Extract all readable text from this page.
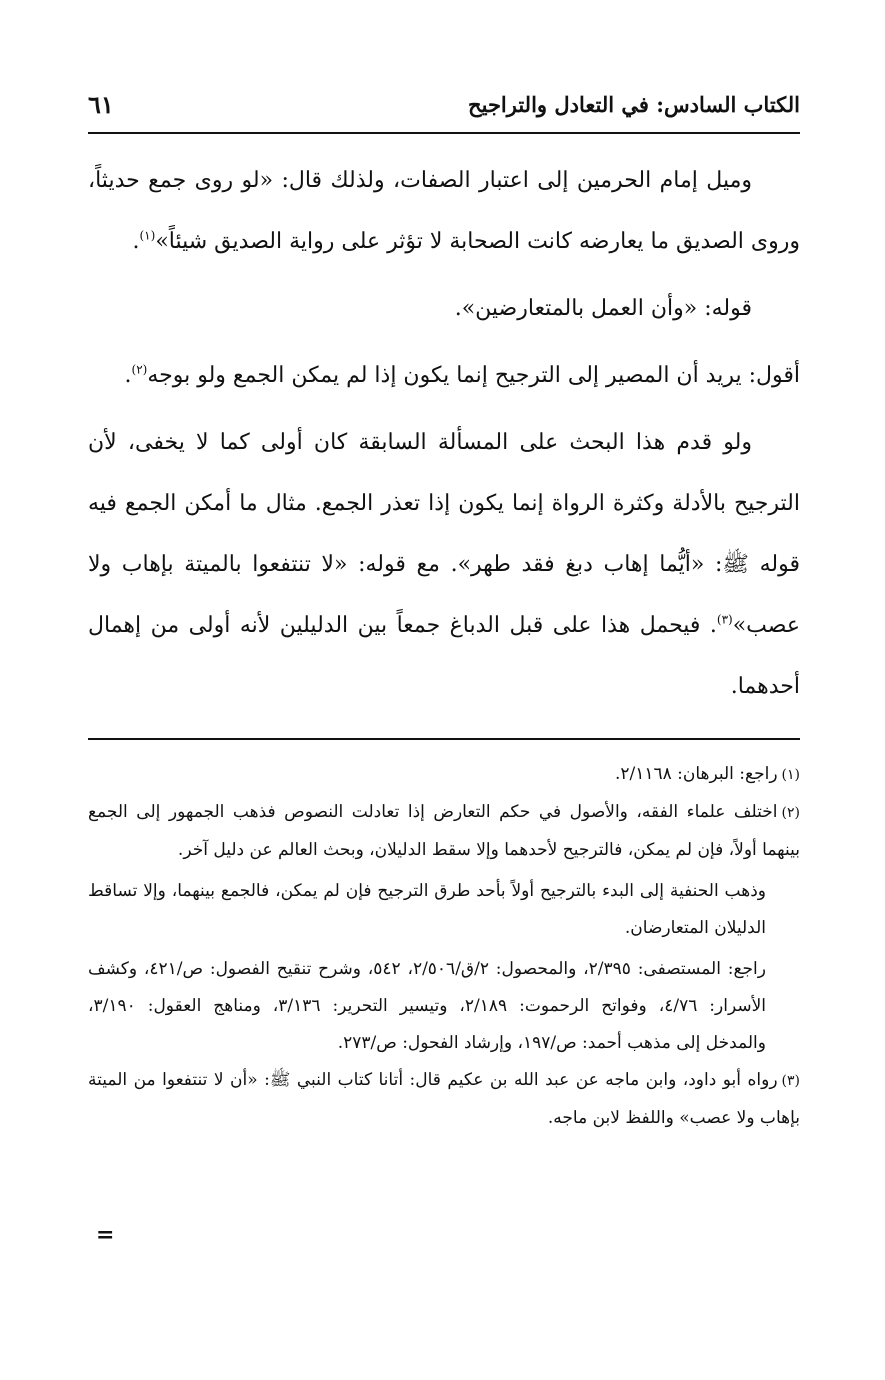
الكتاب السادس: في التعادل والتراجيح
٦١

وميل إمام الحرمين إلى اعتبار الصفات، ولذلك قال: «لو روى جمع حديثاً، وروى الصديق ما يعارضه كانت الصحابة لا تؤثر على رواية الصديق شيئاً»$^{(١)}$.

قوله: «وأن العمل بالمتعارضين».

أقول: يريد أن المصير إلى الترجيح إنما يكون إذا لم يمكن الجمع ولو بوجه$^{(٢)}$.

ولو قدم هذا البحث على المسألة السابقة كان أولى كما لا يخفى، لأن الترجيح بالأدلة وكثرة الرواة إنما يكون إذا تعذر الجمع. مثال ما أمكن الجمع فيه قوله ﷺ: «أيُّما إهاب دبغ فقد طهر». مع قوله: «لا تنتفعوا بالميتة بإهاب ولا عصب»$^{(٣)}$. فيحمل هذا على قبل الدباغ جمعاً بين الدليلين لأنه أولى من إهمال أحدهما.

(١)راجع: البرهان: ٢/١١٦٨.

(٢)اختلف علماء الفقه، والأصول في حكم التعارض إذا تعادلت النصوص فذهب الجمهور إلى الجمع بينهما أولاً، فإن لم يمكن، فالترجيح لأحدهما وإلا سقط الدليلان، وبحث العالم عن دليل آخر.

وذهب الحنفية إلى البدء بالترجيح أولاً بأحد طرق الترجيح فإن لم يمكن، فالجمع بينهما، وإلا تساقط الدليلان المتعارضان.

راجع: المستصفى: ٢/٣٩٥، والمحصول: ٢/ق/٢/٥٠٦، ٥٤٢، وشرح تنقيح الفصول: ص/٤٢١، وكشف الأسرار: ٤/٧٦، وفواتح الرحموت: ٢/١٨٩، وتيسير التحرير: ٣/١٣٦، ومناهج العقول: ٣/١٩٠، والمدخل إلى مذهب أحمد: ص/١٩٧، وإرشاد الفحول: ص/٢٧٣.

(٣)رواه أبو داود، وابن ماجه عن عبد الله بن عكيم قال: أتانا كتاب النبي ﷺ: «أن لا تنتفعوا من الميتة بإهاب ولا عصب» واللفظ لابن ماجه.

=
